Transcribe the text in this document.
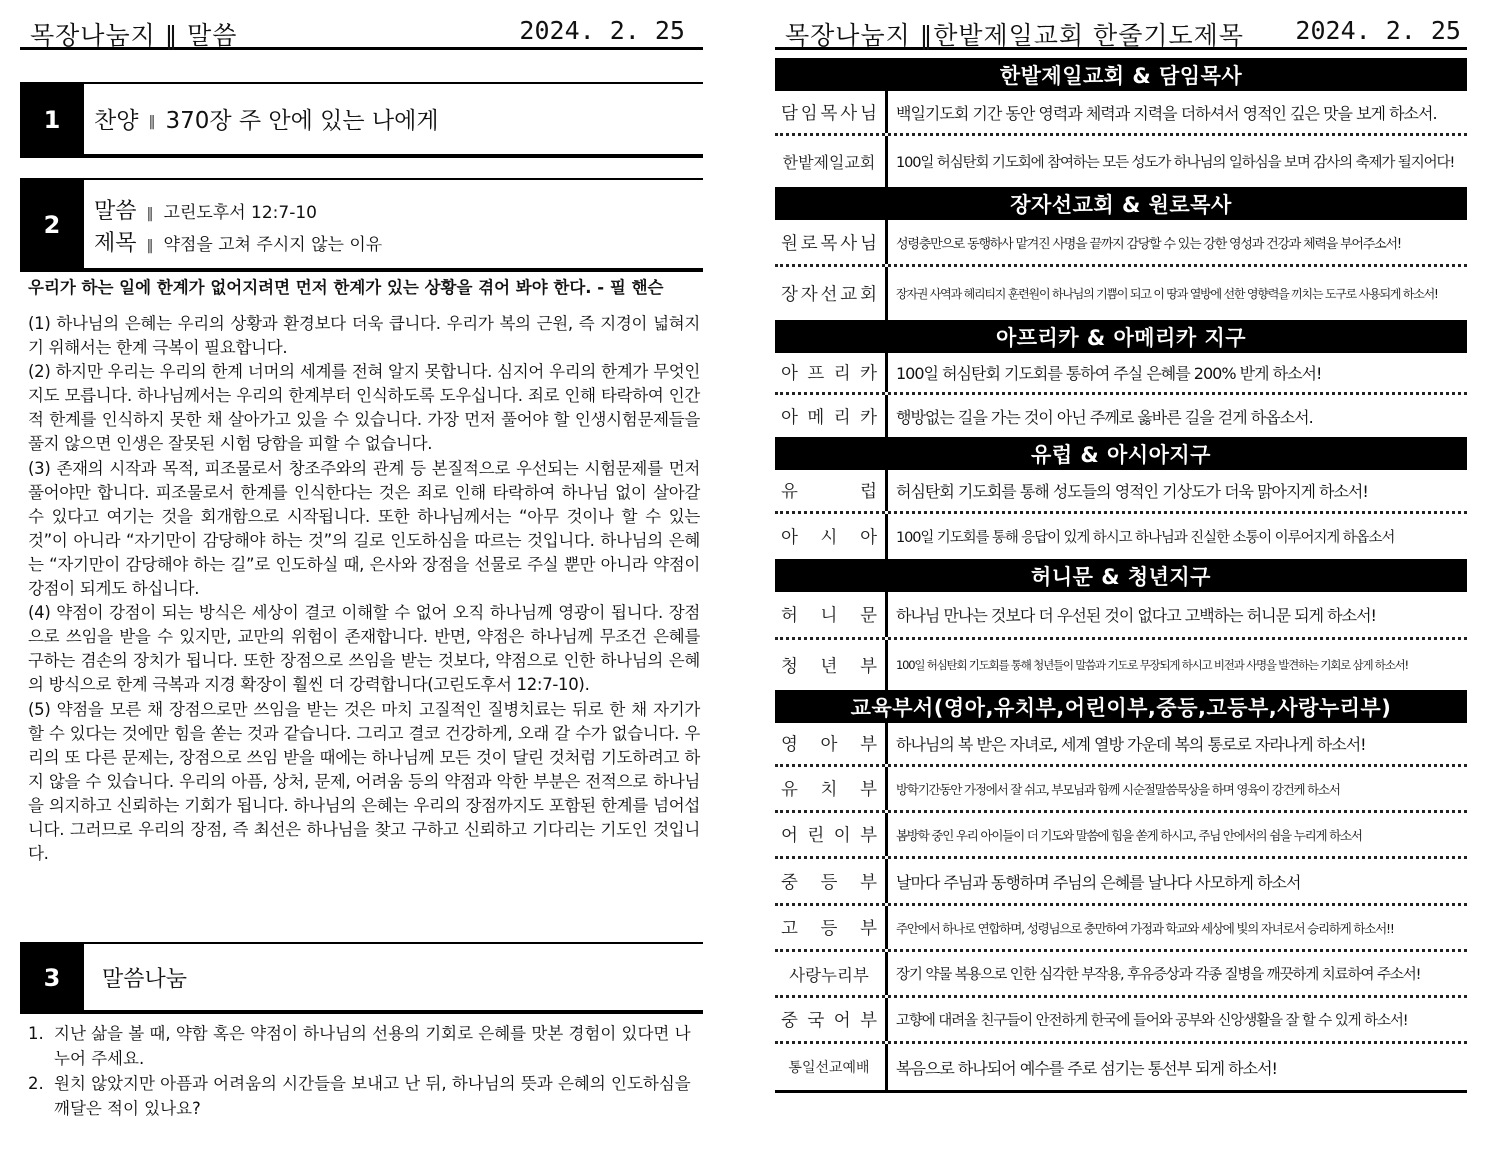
목장나눔지 ‖ 말씀	2024. 2. 25
1	찬양 ‖ 370장 주 안에 있는 나에게
2	말씀 ‖ 고린도후서 12:7-10
제목 ‖ 약점을 고쳐 주시지 않는 이유
우리가 하는 일에 한계가 없어지려면 먼저 한계가 있는 상황을 겪어 봐야 한다. - 필 핸슨

(1) 하나님의 은혜는 우리의 상황과 환경보다 더욱 큽니다. 우리가 복의 근원, 즉 지경이 넓혀지기 위해서는 한계 극복이 필요합니다.

(2) 하지만 우리는 우리의 한계 너머의 세계를 전혀 알지 못합니다. 심지어 우리의 한계가 무엇인지도 모릅니다. 하나님께서는 우리의 한계부터 인식하도록 도우십니다. 죄로 인해 타락하여 인간적 한계를 인식하지 못한 채 살아가고 있을 수 있습니다. 가장 먼저 풀어야 할 인생시험문제들을 풀지 않으면 인생은 잘못된 시험 당함을 피할 수 없습니다.

(3) 존재의 시작과 목적, 피조물로서 창조주와의 관계 등 본질적으로 우선되는 시험문제를 먼저 풀어야만 합니다. 피조물로서 한계를 인식한다는 것은 죄로 인해 타락하여 하나님 없이 살아갈 수 있다고 여기는 것을 회개함으로 시작됩니다. 또한 하나님께서는 “아무 것이나 할 수 있는 것”이 아니라 “자기만이 감당해야 하는 것”의 길로 인도하심을 따르는 것입니다. 하나님의 은혜는 “자기만이 감당해야 하는 길”로 인도하실 때, 은사와 장점을 선물로 주실 뿐만 아니라 약점이 강점이 되게도 하십니다.

(4) 약점이 강점이 되는 방식은 세상이 결코 이해할 수 없어 오직 하나님께 영광이 됩니다. 장점으로 쓰임을 받을 수 있지만, 교만의 위험이 존재합니다. 반면, 약점은 하나님께 무조건 은혜를 구하는 겸손의 장치가 됩니다. 또한 장점으로 쓰임을 받는 것보다, 약점으로 인한 하나님의 은혜의 방식으로 한계 극복과 지경 확장이 훨씬 더 강력합니다(고린도후서 12:7-10).

(5) 약점을 모른 채 장점으로만 쓰임을 받는 것은 마치 고질적인 질병치료는 뒤로 한 채 자기가 할 수 있다는 것에만 힘을 쏟는 것과 같습니다. 그리고 결코 건강하게, 오래 갈 수가 없습니다. 우리의 또 다른 문제는, 장점으로 쓰임 받을 때에는 하나님께 모든 것이 달린 것처럼 기도하려고 하지 않을 수 있습니다. 우리의 아픔, 상처, 문제, 어려움 등의 약점과 악한 부분은 전적으로 하나님을 의지하고 신뢰하는 기회가 됩니다. 하나님의 은혜는 우리의 장점까지도 포함된 한계를 넘어섭니다. 그러므로 우리의 장점, 즉 최선은 하나님을 찾고 구하고 신뢰하고 기다리는 기도인 것입니다.

3	말씀나눔
1. 지난 삶을 볼 때, 약함 혹은 약점이 하나님의 선용의 기회로 은혜를 맛본 경험이 있다면 나누어 주세요.
2. 원치 않았지만 아픔과 어려움의 시간들을 보내고 난 뒤, 하나님의 뜻과 은혜의 인도하심을 깨달은 적이 있나요?
목장나눔지 ‖한밭제일교회 한줄기도제목 2024. 2. 25
한밭제일교회 & 담임목사
담 임 목 사 님	백일기도회 기간 동안 영력과 체력과 지력을 더하셔서 영적인 깊은 맛을 보게 하소서.
한밭제일교회	100일 허심탄회 기도회에 참여하는 모든 성도가 하나님의 일하심을 보며 감사의 축제가 될지어다!
장자선교회 & 원로목사
원 로 목 사 님	성령충만으로 동행하사 맡겨진 사명을 끝까지 감당할 수 있는 강한 영성과 건강과 체력을 부어주소서!
장 자 선 교 회	장자권 사역과 헤리티지 훈련원이 하나님의 기쁨이 되고 이 땅과 열방에 선한 영향력을 끼치는 도구로 사용되게 하소서!
아프리카 & 아메리카 지구
아 프 리 카	100일 허심탄회 기도회를 통하여 주실 은혜를 200% 받게 하소서!
아 메 리 카	행방없는 길을 가는 것이 아닌 주께로 옳바른 길을 걷게 하옵소서.
유럽 & 아시아지구
유	럽	허심탄회 기도회를 통해 성도들의 영적인 기상도가 더욱 맑아지게 하소서!
아 시 아	100일 기도회를 통해 응답이 있게 하시고 하나님과 진실한 소통이 이루어지게 하옵소서
허니문 & 청년지구
허 니 문	하나님 만나는 것보다 더 우선된 것이 없다고 고백하는 허니문 되게 하소서!
청 년 부	100일 허심탄회 기도회를 통해 청년들이 말씀과 기도로 무장되게 하시고 비전과 사명을 발견하는 기회로 삼게 하소서!
교육부서(영아,유치부,어린이부,중등,고등부,사랑누리부)
영 아 부	하나님의 복 받은 자녀로, 세계 열방 가운데 복의 통로로 자라나게 하소서!
유 치 부	방학기간동안 가정에서 잘 쉬고, 부모님과 함께 시순절말씀묵상을 하며 영육이 강건케 하소서
어 린 이 부	봄방학 중인 우리 아이들이 더 기도와 말씀에 힘을 쏟게 하시고, 주님 안에서의 쉼을 누리게 하소서
중 등 부	날마다 주님과 동행하며 주님의 은혜를 날나다 사모하게 하소서
고 등 부	주안에서 하나로 연합하며, 성령님으로 충만하여 가정과 학교와 세상에 빛의 자녀로서 승리하게 하소서!!
사랑누리부	장기 약물 복용으로 인한 심각한 부작용, 후유증상과 각종 질병을 깨끗하게 치료하여 주소서!
중 국 어 부	고향에 대려올 친구들이 안전하게 한국에 들어와 공부와 신앙생활을 잘 할 수 있게 하소서!
통일선교예배	복음으로 하나되어 예수를 주로 섬기는 통선부 되게 하소서!
